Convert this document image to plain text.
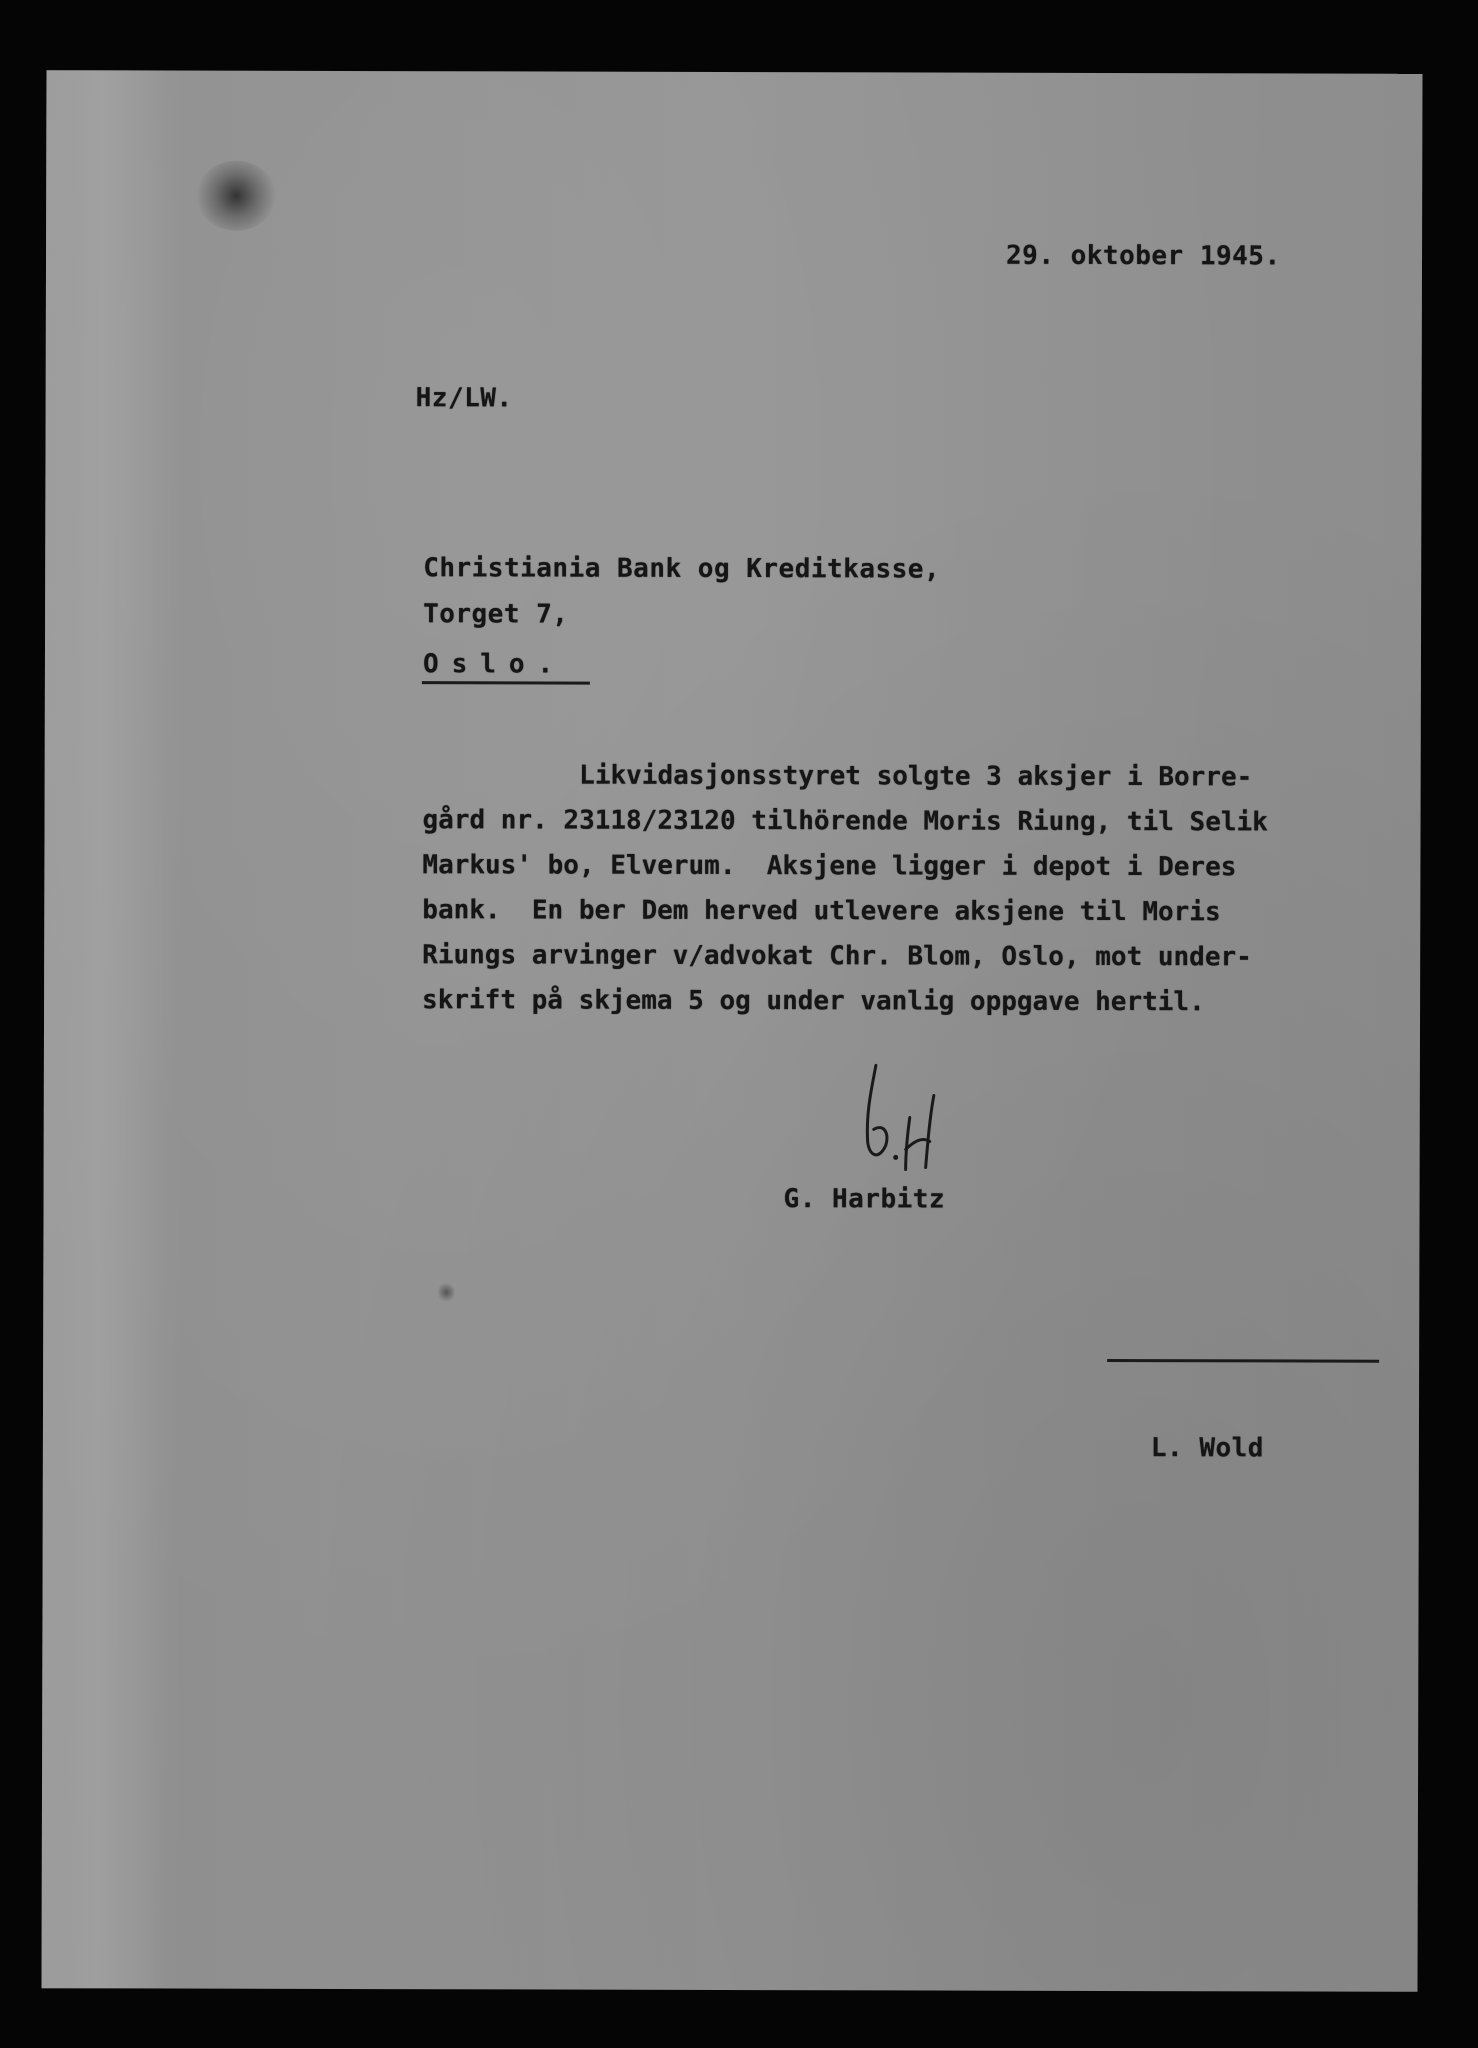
29. oktober 1945.
Hz/LW.
Christiania Bank og Kreditkasse,
Torget 7,
Oslo.
Likvidasjonsstyret solgte 3 aksjer i Borre-
gård nr. 23118/23120 tilhörende Moris Riung, til Selik
Markus' bo, Elverum.  Aksjene ligger i depot i Deres
bank.  En ber Dem herved utlevere aksjene til Moris
Riungs arvinger v/advokat Chr. Blom, Oslo, mot under-
skrift på skjema 5 og under vanlig oppgave hertil.
G. Harbitz
L. Wold
